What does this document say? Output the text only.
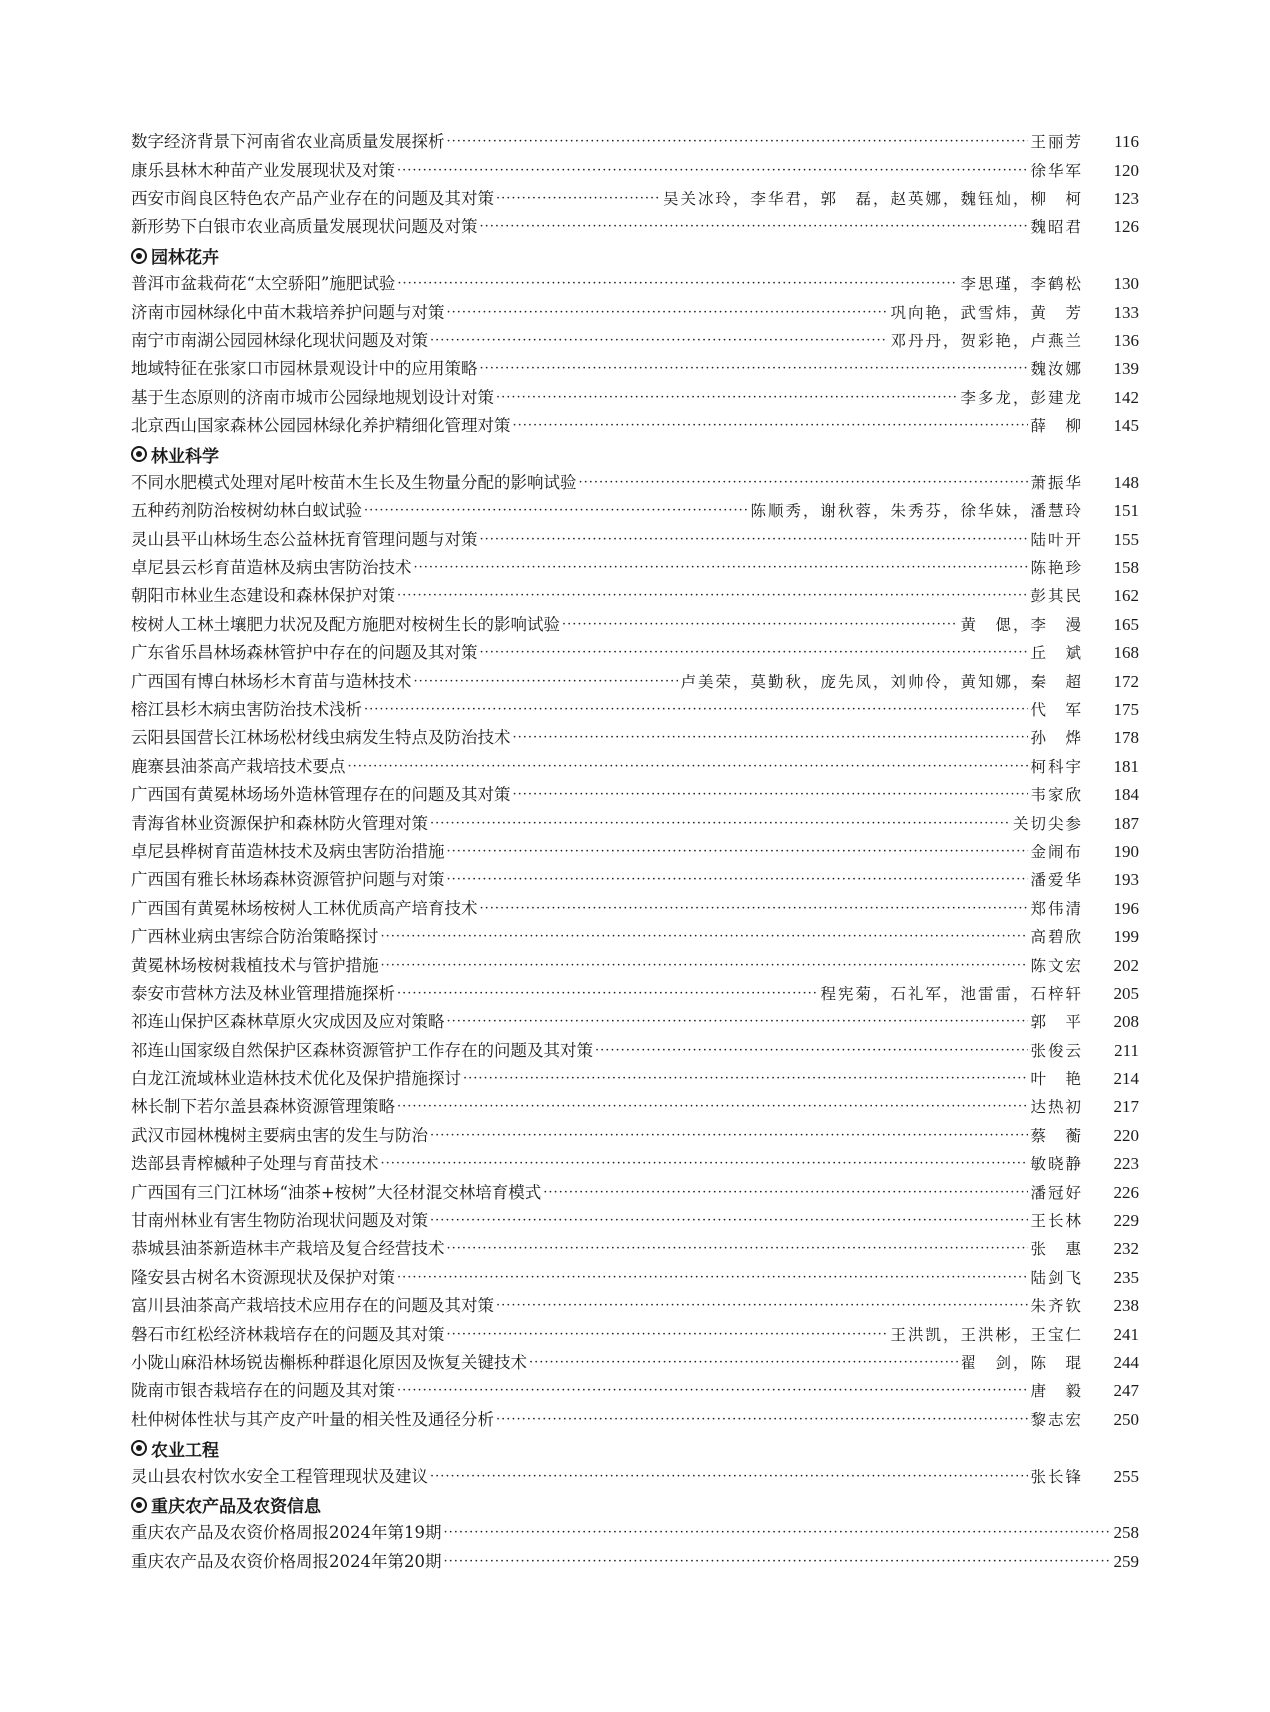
数字经济背景下河南省农业高质量发展探析 ·····	王丽芳	116
康乐县林木种苗产业发展现状及对策 ·····	徐华军	120
西安市阎良区特色农产品产业存在的问题及其对策 ·····	吴关冰玲，李华君，郭　磊，赵英娜，魏钰灿，柳　柯	123
新形势下白银市农业高质量发展现状问题及对策 ·····	魏昭君	126
园林花卉
普洱市盆栽荷花“太空骄阳”施肥试验 ·····	李思瑾，李鹤松	130
济南市园林绿化中苗木栽培养护问题与对策 ·····	巩向艳，武雪炜，黄　芳	133
南宁市南湖公园园林绿化现状问题及对策 ·····	邓丹丹，贺彩艳，卢燕兰	136
地域特征在张家口市园林景观设计中的应用策略 ·····	魏汝娜	139
基于生态原则的济南市城市公园绿地规划设计对策 ·····	李多龙，彭建龙	142
北京西山国家森林公园园林绿化养护精细化管理对策 ·····	薛　柳	145
林业科学
不同水肥模式处理对尾叶桉苗木生长及生物量分配的影响试验 ·····	萧振华	148
五种药剂防治桉树幼林白蚁试验 ·····	陈顺秀，谢秋蓉，朱秀芬，徐华妹，潘慧玲	151
灵山县平山林场生态公益林抚育管理问题与对策 ·····	陆叶开	155
卓尼县云杉育苗造林及病虫害防治技术 ·····	陈艳珍	158
朝阳市林业生态建设和森林保护对策 ·····	彭其民	162
桉树人工林土壤肥力状况及配方施肥对桉树生长的影响试验 ·····	黄　偲，李　漫	165
广东省乐昌林场森林管护中存在的问题及其对策 ·····	丘　斌	168
广西国有博白林场杉木育苗与造林技术 ·····	卢美荣，莫勤秋，庞先凤，刘帅伶，黄知娜，秦　超	172
榕江县杉木病虫害防治技术浅析 ·····	代　军	175
云阳县国营长江林场松材线虫病发生特点及防治技术 ·····	孙　烨	178
鹿寨县油茶高产栽培技术要点 ·····	柯科宇	181
广西国有黄冕林场场外造林管理存在的问题及其对策 ·····	韦家欣	184
青海省林业资源保护和森林防火管理对策 ·····	关切尖参	187
卓尼县桦树育苗造林技术及病虫害防治措施 ·····	金闹布	190
广西国有雅长林场森林资源管护问题与对策 ·····	潘爱华	193
广西国有黄冕林场桉树人工林优质高产培育技术 ·····	郑伟清	196
广西林业病虫害综合防治策略探讨 ·····	高碧欣	199
黄冕林场桉树栽植技术与管护措施 ·····	陈文宏	202
泰安市营林方法及林业管理措施探析 ·····	程宪菊，石礼军，池雷雷，石梓轩	205
祁连山保护区森林草原火灾成因及应对策略 ·····	郭　平	208
祁连山国家级自然保护区森林资源管护工作存在的问题及其对策 ·····	张俊云	211
白龙江流域林业造林技术优化及保护措施探讨 ·····	叶　艳	214
林长制下若尔盖县森林资源管理策略 ·····	达热初	217
武汉市园林槐树主要病虫害的发生与防治 ·····	蔡　蘅	220
迭部县青榨槭种子处理与育苗技术 ·····	敏晓静	223
广西国有三门江林场“油茶+桉树”大径材混交林培育模式 ·····	潘冠好	226
甘南州林业有害生物防治现状问题及对策 ·····	王长林	229
恭城县油茶新造林丰产栽培及复合经营技术 ·····	张　惠	232
隆安县古树名木资源现状及保护对策 ·····	陆剑飞	235
富川县油茶高产栽培技术应用存在的问题及其对策 ·····	朱齐钦	238
磐石市红松经济林栽培存在的问题及其对策 ·····	王洪凯，王洪彬，王宝仁	241
小陇山麻沿林场锐齿槲栎种群退化原因及恢复关键技术 ·····	翟　剑，陈　琨	244
陇南市银杏栽培存在的问题及其对策 ·····	唐　毅	247
杜仲树体性状与其产皮产叶量的相关性及通径分析 ·····	黎志宏	250
农业工程
灵山县农村饮水安全工程管理现状及建议 ·····	张长锋	255
重庆农产品及农资信息
重庆农产品及农资价格周报2024年第19期 ·····	258
重庆农产品及农资价格周报2024年第20期 ·····	259
